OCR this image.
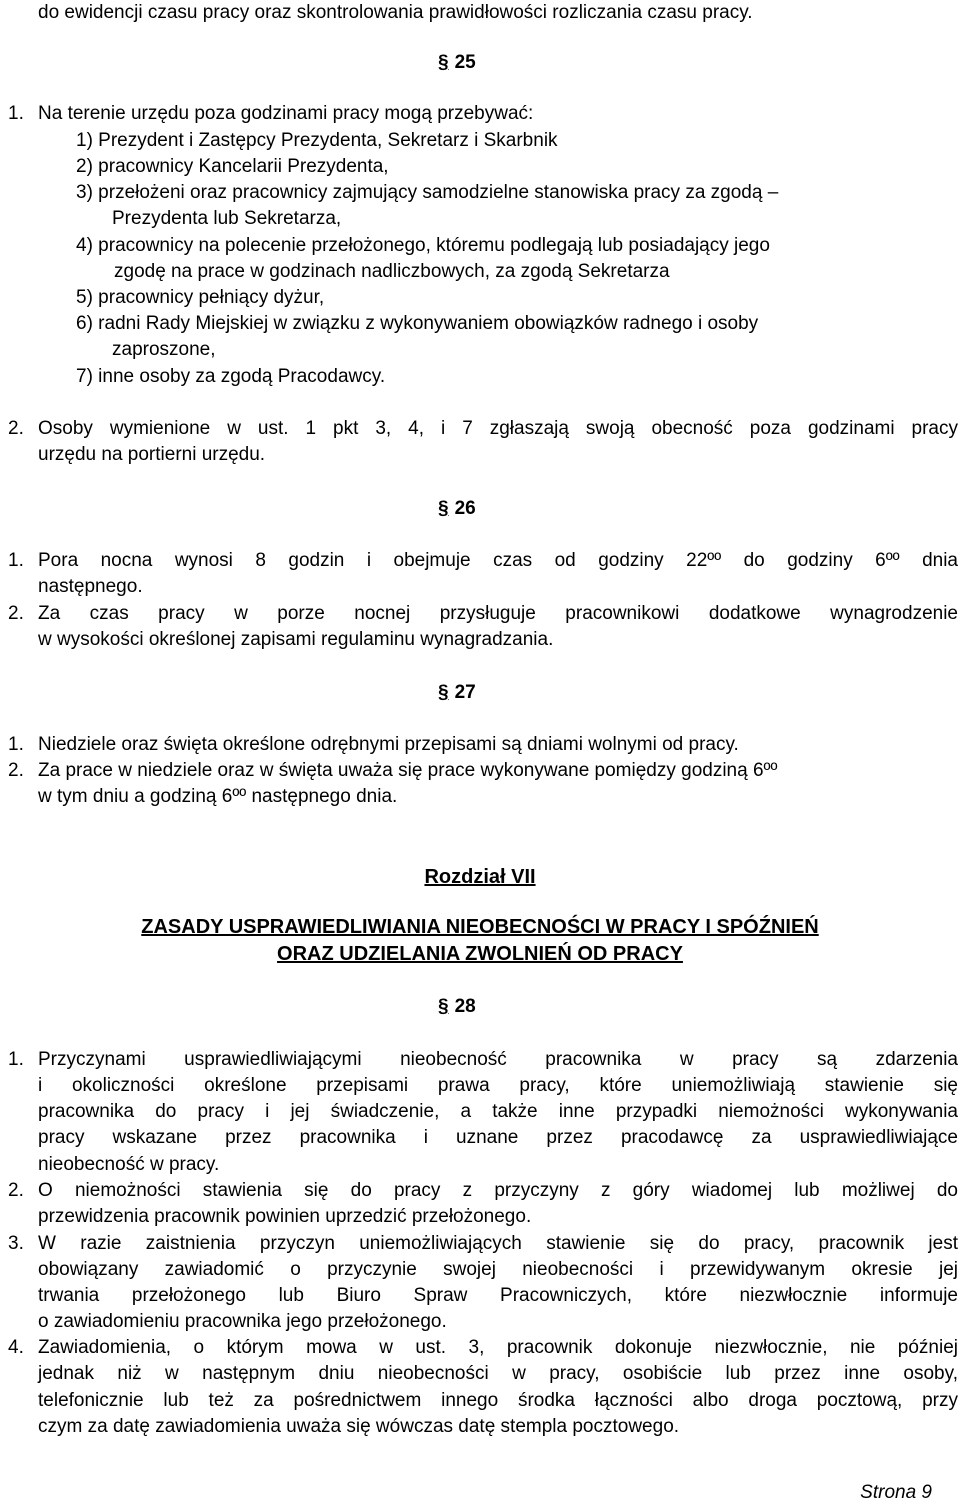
do ewidencji czasu pracy oraz skontrolowania prawidłowości rozliczania czasu pracy.
§ 25
1. Na terenie urzędu poza godzinami pracy mogą przebywać:
1) Prezydent i Zastępcy Prezydenta, Sekretarz i Skarbnik
2) pracownicy Kancelarii Prezydenta,
3) przełożeni oraz pracownicy zajmujący samodzielne stanowiska pracy za zgodą –
Prezydenta lub Sekretarza,
4) pracownicy na polecenie przełożonego, któremu podlegają lub posiadający jego
zgodę na prace w godzinach nadliczbowych, za zgodą Sekretarza
5) pracownicy pełniący dyżur,
6) radni Rady Miejskiej w związku z wykonywaniem obowiązków radnego i osoby
zaproszone,
7) inne osoby za zgodą Pracodawcy.
2. Osoby wymienione w ust. 1 pkt 3, 4, i 7 zgłaszają swoją obecność poza godzinami pracy
urzędu na portierni urzędu.
§ 26
1. Pora nocna wynosi 8 godzin i obejmuje czas od godziny 22ºº do godziny 6ºº dnia
następnego.
2. Za czas pracy w porze nocnej przysługuje pracownikowi dodatkowe wynagrodzenie
w wysokości określonej zapisami regulaminu wynagradzania.
§ 27
1. Niedziele oraz święta określone odrębnymi przepisami są dniami wolnymi od pracy.
2. Za prace w niedziele oraz w święta uważa się prace wykonywane pomiędzy godziną 6ºº
w tym dniu a godziną 6ºº następnego dnia.
Rozdział VII
ZASADY USPRAWIEDLIWIANIA NIEOBECNOŚCI W PRACY I SPÓŹNIEŃ
ORAZ UDZIELANIA ZWOLNIEŃ OD PRACY
§ 28
1. Przyczynami usprawiedliwiającymi nieobecność pracownika w pracy są zdarzenia
i okoliczności określone przepisami prawa pracy, które uniemożliwiają stawienie się
pracownika do pracy i jej świadczenie, a także inne przypadki niemożności wykonywania
pracy wskazane przez pracownika i uznane przez pracodawcę za usprawiedliwiające
nieobecność w pracy.
2. O niemożności stawienia się do pracy z przyczyny z góry wiadomej lub możliwej do
przewidzenia pracownik powinien uprzedzić przełożonego.
3. W razie zaistnienia przyczyn uniemożliwiających stawienie się do pracy, pracownik jest
obowiązany zawiadomić o przyczynie swojej nieobecności i przewidywanym okresie jej
trwania przełożonego lub Biuro Spraw Pracowniczych, które niezwłocznie informuje
o zawiadomieniu pracownika jego przełożonego.
4. Zawiadomienia, o którym mowa w ust. 3, pracownik dokonuje niezwłocznie, nie później
jednak niż w następnym dniu nieobecności w pracy, osobiście lub przez inne osoby,
telefonicznie lub też za pośrednictwem innego środka łączności albo droga pocztową, przy
czym za datę zawiadomienia uważa się wówczas datę stempla pocztowego.
Strona 9
